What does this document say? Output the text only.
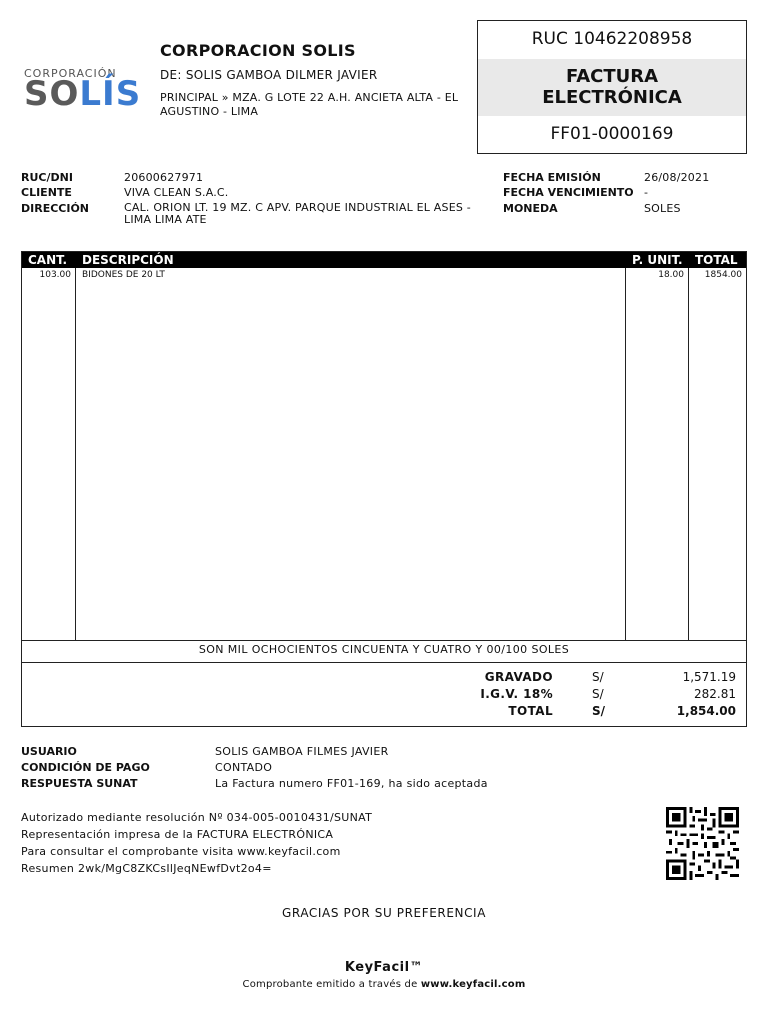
CORPORACIÓN
SOLÍS
CORPORACION SOLIS
DE: SOLIS GAMBOA DILMER JAVIER
PRINCIPAL » MZA. G LOTE 22 A.H. ANCIETA ALTA - EL AGUSTINO - LIMA
RUC 10462208958
FACTURA
ELECTRÓNICA
FF01-0000169
RUC/DNI	20600627971
CLIENTE	VIVA CLEAN S.A.C.
DIRECCIÓN	CAL. ORION LT. 19 MZ. C APV. PARQUE INDUSTRIAL EL ASES - LIMA LIMA ATE
FECHA EMISIÓN	26/08/2021
FECHA VENCIMIENTO -
MONEDA	SOLES
CANT. DESCRIPCIÓN	P. UNIT. TOTAL
103.00 BIDONES DE 20 LT	18.00	1854.00
SON MIL OCHOCIENTOS CINCUENTA Y CUATRO Y 00/100 SOLES
GRAVADO	S/	1,571.19
I.G.V. 18%	S/	282.81
TOTAL	S/	1,854.00
USUARIO	SOLIS GAMBOA FILMES JAVIER
CONDICIÓN DE PAGO	CONTADO
RESPUESTA SUNAT	La Factura numero FF01-169, ha sido aceptada
Autorizado mediante resolución Nº 034-005-0010431/SUNAT
Representación impresa de la FACTURA ELECTRÓNICA
Para consultar el comprobante visita www.keyfacil.com
Resumen 2wk/MgC8ZKCsIlJeqNEwfDvt2o4=
GRACIAS POR SU PREFERENCIA
KeyFacil™
Comprobante emitido a través de www.keyfacil.com
